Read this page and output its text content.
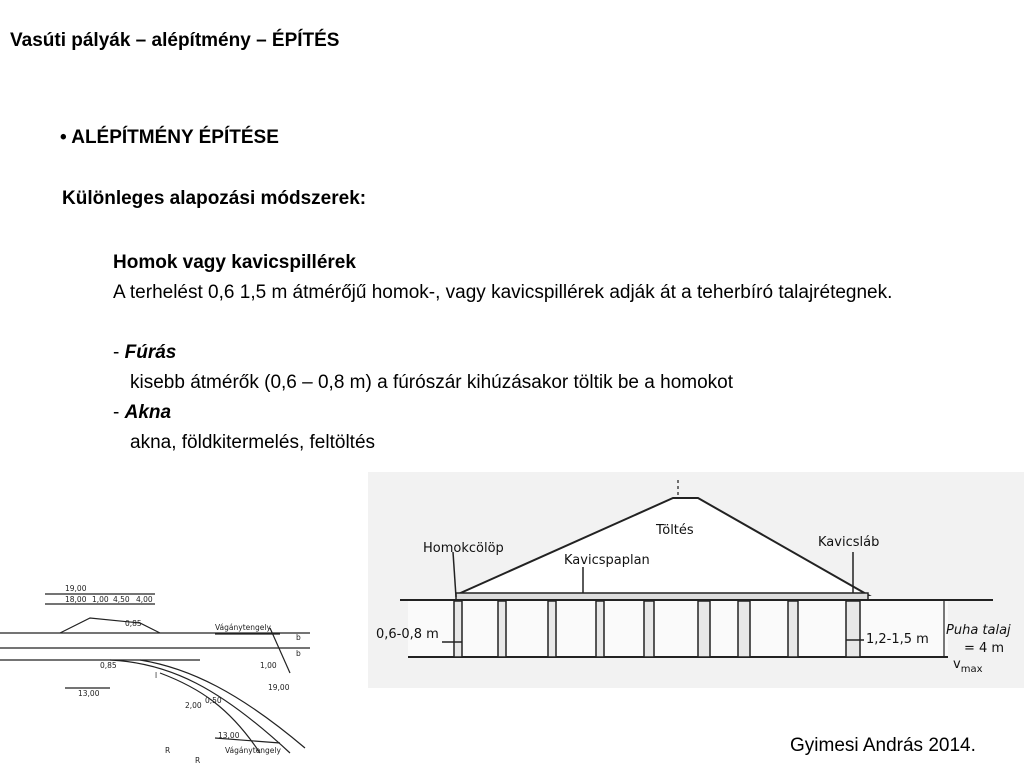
Vasúti pályák – alépítmény – ÉPÍTÉS
• ALÉPÍTMÉNY ÉPÍTÉSE
Különleges alapozási módszerek:
Homok vagy kavicspillérek
A terhelést 0,6 1,5 m átmérőjű homok-, vagy kavicspillérek adják át a teherbíró talajrétegnek.
- Fúrás
kisebb átmérők (0,6 – 0,8 m) a fúrószár kihúzásakor töltik be a homokot
- Akna
akna, földkitermelés, feltöltés
Töltés
Homokcölöp
Kavicspaplan
Kavicsláb
0,6-0,8 m	1,2-1,5 m
Puha talaj
$v_{max}$
= 4 m
19,00
18,00 1,00 4,50 4,00
0,85
0,85	1,00
13,00
19,00
2,00
0,50
13,00
b
b
Vágánytengely
Vágánytengely
R
R
l
Gyimesi András 2014.
